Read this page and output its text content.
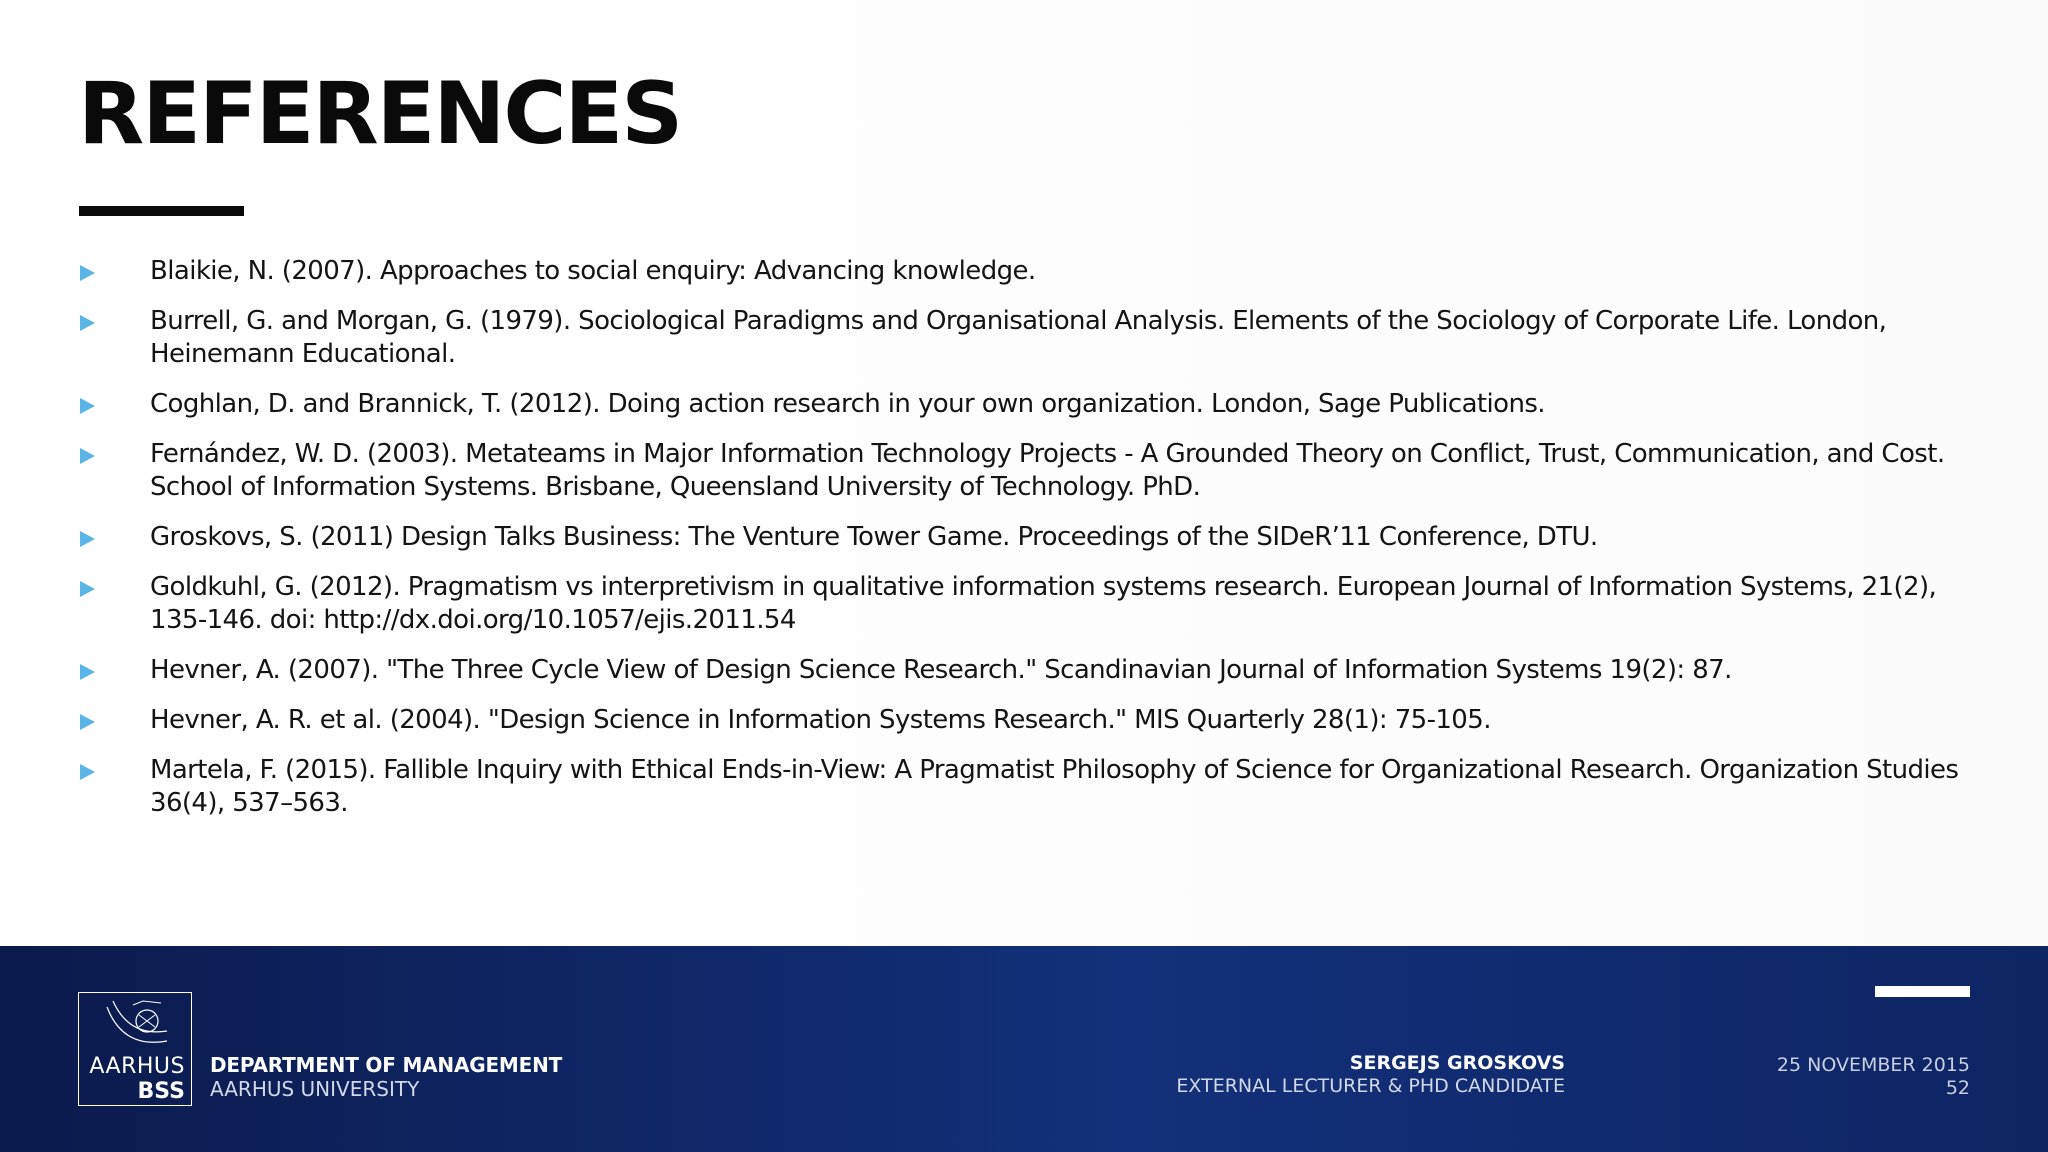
REFERENCES
Blaikie, N. (2007). Approaches to social enquiry: Advancing knowledge.
Burrell, G. and Morgan, G. (1979). Sociological Paradigms and Organisational Analysis. Elements of the Sociology of Corporate Life. London, Heinemann Educational.
Coghlan, D. and Brannick, T. (2012). Doing action research in your own organization. London, Sage Publications.
Fernández, W. D. (2003). Metateams in Major Information Technology Projects - A Grounded Theory on Conflict, Trust, Communication, and Cost. School of Information Systems. Brisbane, Queensland University of Technology. PhD.
Groskovs, S. (2011) Design Talks Business: The Venture Tower Game. Proceedings of the SIDeR’11 Conference, DTU.
Goldkuhl, G. (2012). Pragmatism vs interpretivism in qualitative information systems research. European Journal of Information Systems, 21(2), 135-146. doi: http://dx.doi.org/10.1057/ejis.2011.54
Hevner, A. (2007). "The Three Cycle View of Design Science Research." Scandinavian Journal of Information Systems 19(2): 87.
Hevner, A. R. et al. (2004). "Design Science in Information Systems Research." MIS Quarterly 28(1): 75-105.
Martela, F. (2015). Fallible Inquiry with Ethical Ends-in-View: A Pragmatist Philosophy of Science for Organizational Research. Organization Studies 36(4), 537–563.
AARHUS
BSS
DEPARTMENT OF MANAGEMENT
AARHUS UNIVERSITY
SERGEJS GROSKOVS
EXTERNAL LECTURER & PHD CANDIDATE
25 NOVEMBER 2015
52
